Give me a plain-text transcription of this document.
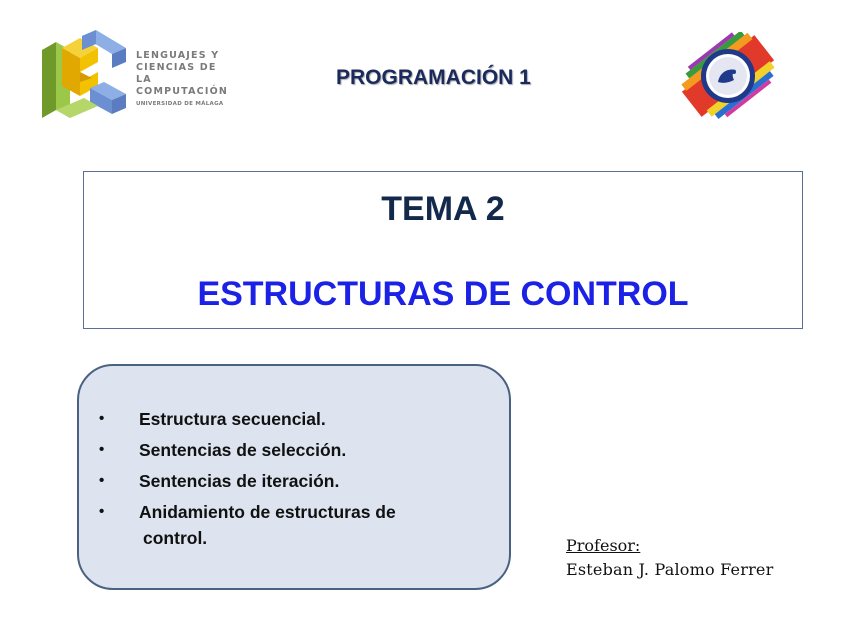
LENGUAJES Y
CIENCIAS DE LA
COMPUTACIÓN
UNIVERSIDAD DE MÁLAGA
PROGRAMACIÓN 1
TEMA 2
ESTRUCTURAS DE CONTROL
• Estructura secuencial.
• Sentencias de selección.
• Sentencias de iteración.
• Anidamiento de estructuras de
control.	Profesor:
Esteban J. Palomo Ferrer
